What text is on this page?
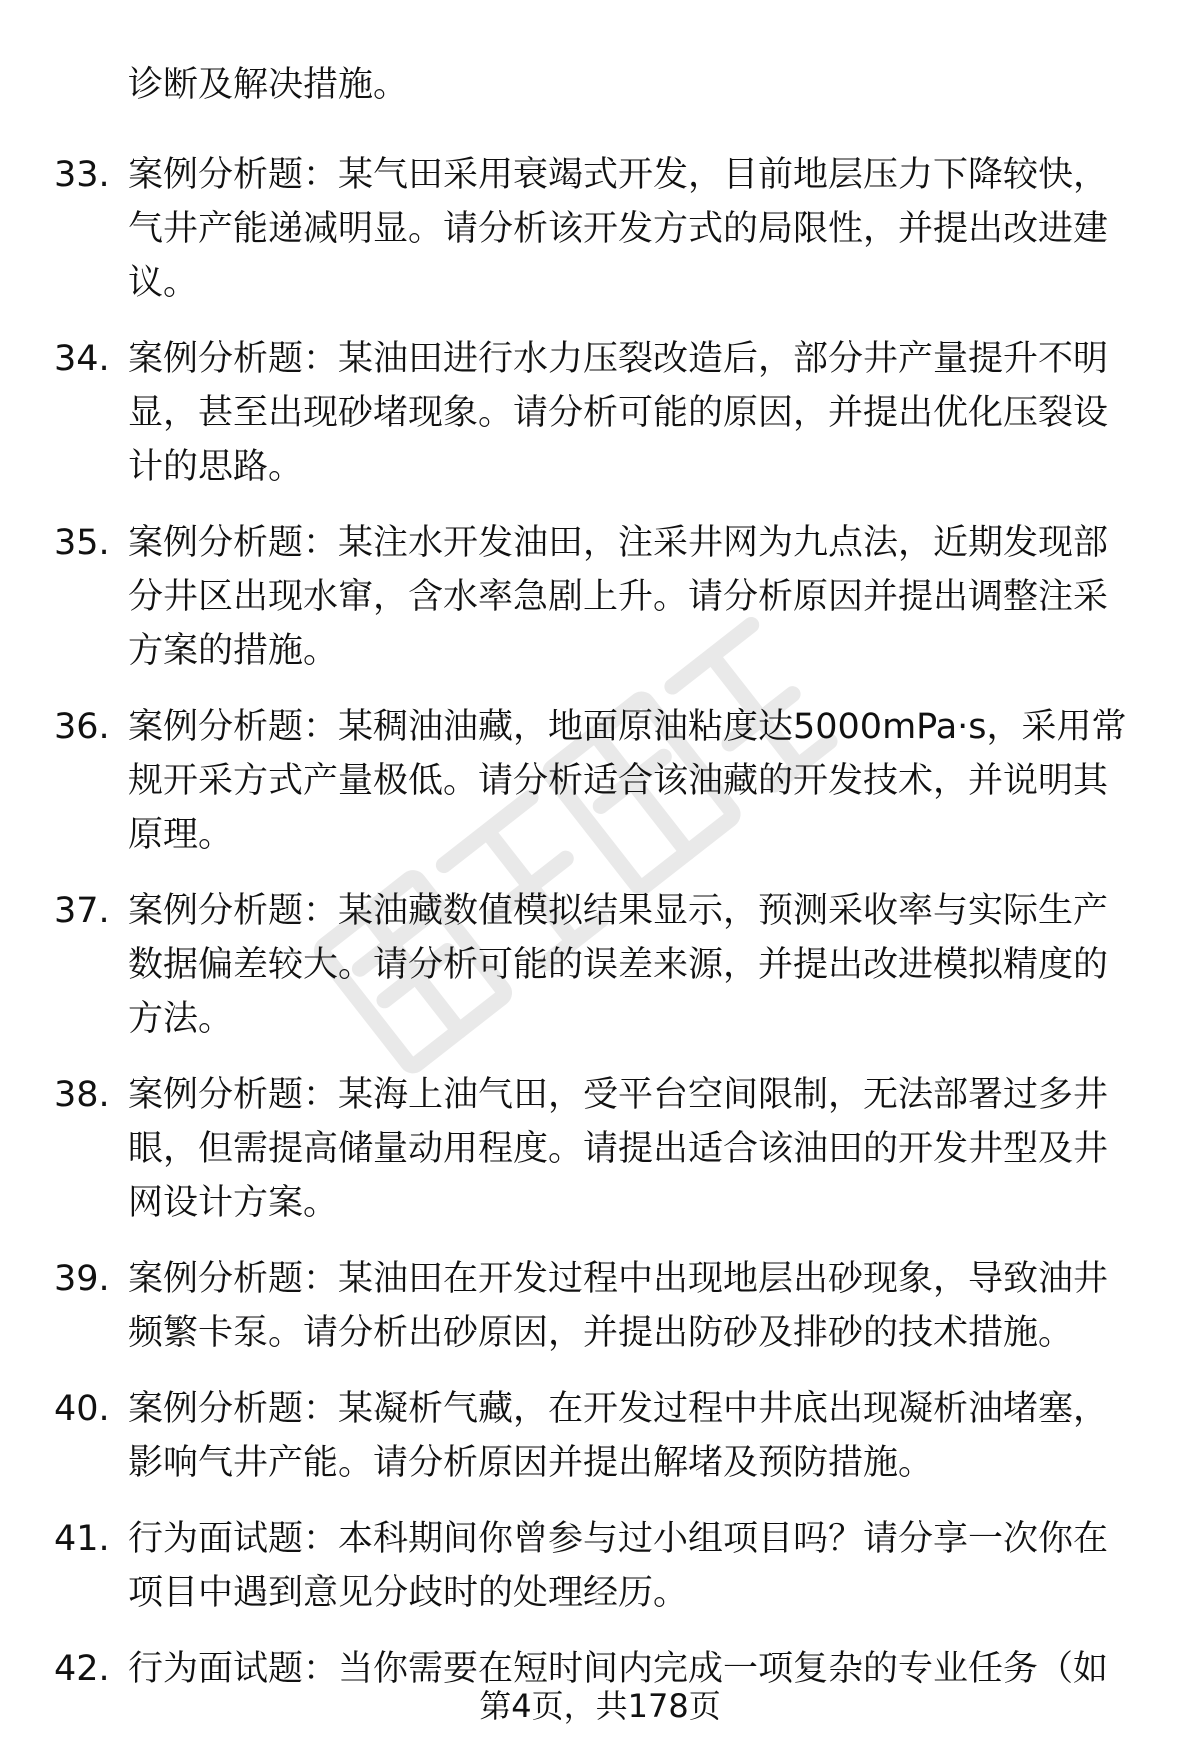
诊断及解决措施。

33. 案例分析题：某气田采用衰竭式开发，目前地层压力下降较快，气井产能递减明显。请分析该开发方式的局限性，并提出改进建议。
34. 案例分析题：某油田进行水力压裂改造后，部分井产量提升不明显，甚至出现砂堵现象。请分析可能的原因，并提出优化压裂设计的思路。
35. 案例分析题：某注水开发油田，注采井网为九点法，近期发现部分井区出现水窜，含水率急剧上升。请分析原因并提出调整注采方案的措施。
36. 案例分析题：某稠油油藏，地面原油粘度达5000mPa·s，采用常规开采方式产量极低。请分析适合该油藏的开发技术，并说明其原理。
37. 案例分析题：某油藏数值模拟结果显示，预测采收率与实际生产数据偏差较大。请分析可能的误差来源，并提出改进模拟精度的方法。
38. 案例分析题：某海上油气田，受平台空间限制，无法部署过多井眼，但需提高储量动用程度。请提出适合该油田的开发井型及井网设计方案。
39. 案例分析题：某油田在开发过程中出现地层出砂现象，导致油井频繁卡泵。请分析出砂原因，并提出防砂及排砂的技术措施。
40. 案例分析题：某凝析气藏，在开发过程中井底出现凝析油堵塞，影响气井产能。请分析原因并提出解堵及预防措施。
41. 行为面试题：本科期间你曾参与过小组项目吗？请分享一次你在项目中遇到意见分歧时的处理经历。
42. 行为面试题：当你需要在短时间内完成一项复杂的专业任务（如
第4页，共178页
